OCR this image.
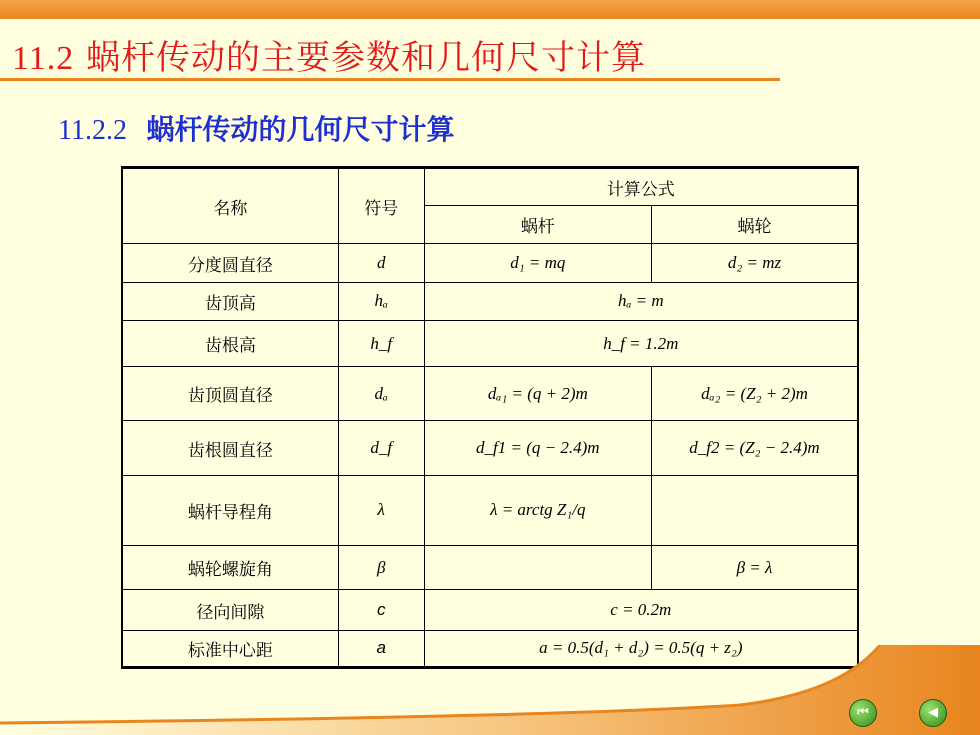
11.2 蜗杆传动的主要参数和几何尺寸计算
11.2.2 蜗杆传动的几何尺寸计算
名称	符号	计算公式	
		蜗杆	蜗轮
分度圆直径	d	d₁ = mq	d₂ = mz
齿顶高	hₐ	hₐ = m	
齿根高	h_f	h_f = 1.2m	
齿顶圆直径	dₐ	dₐ₁ = (q + 2)m	dₐ₂ = (Z₂ + 2)m
齿根圆直径	d_f	d_f1 = (q − 2.4)m	d_f2 = (Z₂ − 2.4)m
蜗杆导程角	λ	λ = arctg Z₁/q	
蜗轮螺旋角	β		β = λ
径向间隙	c	c = 0.2m	
标准中心距	a	a = 0.5(d₁ + d₂) = 0.5(q + z₂)	
⏮	◀
